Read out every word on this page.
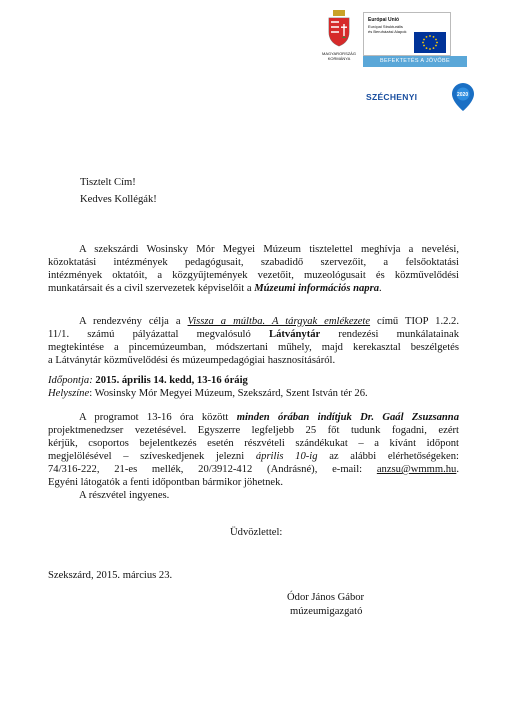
MAGYARORSZÁG
KORMÁNYA
Európai Unió
Európai Strukturális
és Beruházási Alapok
BEFEKTETÉS A JÖVŐBE
SZÉCHENYI	2020
Tisztelt Cím!
Kedves Kollégák!
A szekszárdi Wosinsky Mór Megyei Múzeum tisztelettel meghívja a nevelési,
közoktatási intézmények pedagógusait, szabadidő szervezőit, a felsőoktatási
intézmények oktatóit, a közgyűjtemények vezetőit, muzeológusait és közművelődési
munkatársait és a civil szervezetek képviselőit a Múzeumi információs napra.
A rendezvény célja a Vissza a múltba. A tárgyak emlékezete című TIOP 1.2.2.
11/1. számú pályázattal megvalósuló Látványtár rendezési munkálatainak
megtekintése a pincemúzeumban, módszertani műhely, majd kerekasztal beszélgetés
a Látványtár közművelődési és múzeumpedagógiai hasznosításáról.
Időpontja: 2015. április 14. kedd, 13-16 óráig
Helyszíne: Wosinsky Mór Megyei Múzeum, Szekszárd, Szent István tér 26.
A programot 13-16 óra között minden órában indítjuk Dr. Gaál Zsuzsanna
projektmenedzser vezetésével. Egyszerre legfeljebb 25 főt tudunk fogadni, ezért
kérjük, csoportos bejelentkezés esetén részvételi szándékukat – a kívánt időpont
megjelölésével – szíveskedjenek jelezni április 10-ig az alábbi elérhetőségeken:
74/316-222, 21-es mellék, 20/3912-412 (Andrásné), e-mail: anzsu@wmmm.hu.
Egyéni látogatók a fenti időpontban bármikor jöhetnek.
A részvétel ingyenes.
Üdvözlettel:
Szekszárd, 2015. március 23.
Ódor János Gábor
múzeumigazgató
